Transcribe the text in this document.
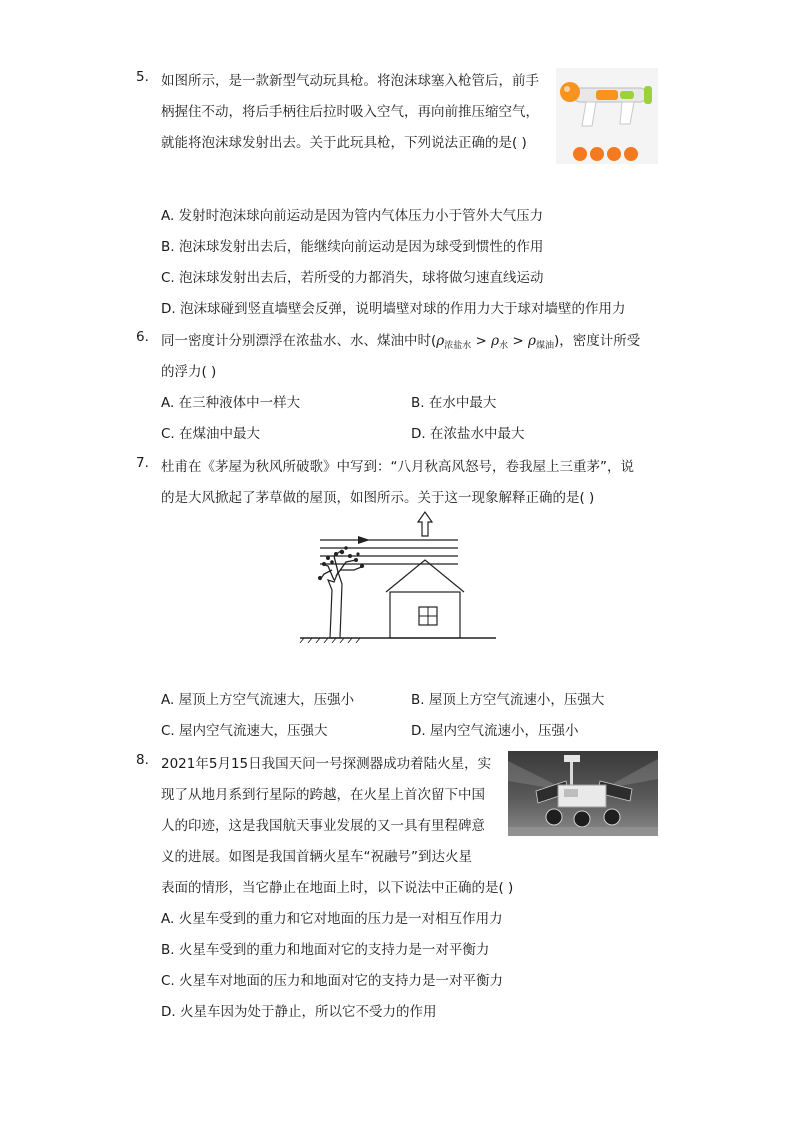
5. 如图所示，是一款新型气动玩具枪。将泡沫球塞入枪管后，前手
柄握住不动，将后手柄往后拉时吸入空气，再向前推压缩空气，
就能将泡沫球发射出去。关于此玩具枪，下列说法正确的是( )
A. 发射时泡沫球向前运动是因为管内气体压力小于管外大气压力
B. 泡沫球发射出去后，能继续向前运动是因为球受到惯性的作用
C. 泡沫球发射出去后，若所受的力都消失，球将做匀速直线运动
D. 泡沫球碰到竖直墙壁会反弹，说明墙壁对球的作用力大于球对墙壁的作用力
6. 同一密度计分别漂浮在浓盐水、水、煤油中时$(\rho_{浓盐水} > \rho_水 > \rho_{煤油})$，密度计所受
的浮力( )
A. 在三种液体中一样大	B. 在水中最大
C. 在煤油中最大	D. 在浓盐水中最大
7. 杜甫在《茅屋为秋风所破歌》中写到：“八月秋高风怒号，卷我屋上三重茅”，说
的是大风掀起了茅草做的屋顶，如图所示。关于这一现象解释正确的是( )
A. 屋顶上方空气流速大，压强小	B. 屋顶上方空气流速小，压强大
C. 屋内空气流速大，压强大	D. 屋内空气流速小，压强小
8. 2021年5月15日我国天问一号探测器成功着陆火星，实
现了从地月系到行星际的跨越，在火星上首次留下中国
人的印迹，这是我国航天事业发展的又一具有里程碑意
义的进展。如图是我国首辆火星车“祝融号”到达火星
表面的情形，当它静止在地面上时，以下说法中正确的是( )
A. 火星车受到的重力和它对地面的压力是一对相互作用力
B. 火星车受到的重力和地面对它的支持力是一对平衡力
C. 火星车对地面的压力和地面对它的支持力是一对平衡力
D. 火星车因为处于静止，所以它不受力的作用
